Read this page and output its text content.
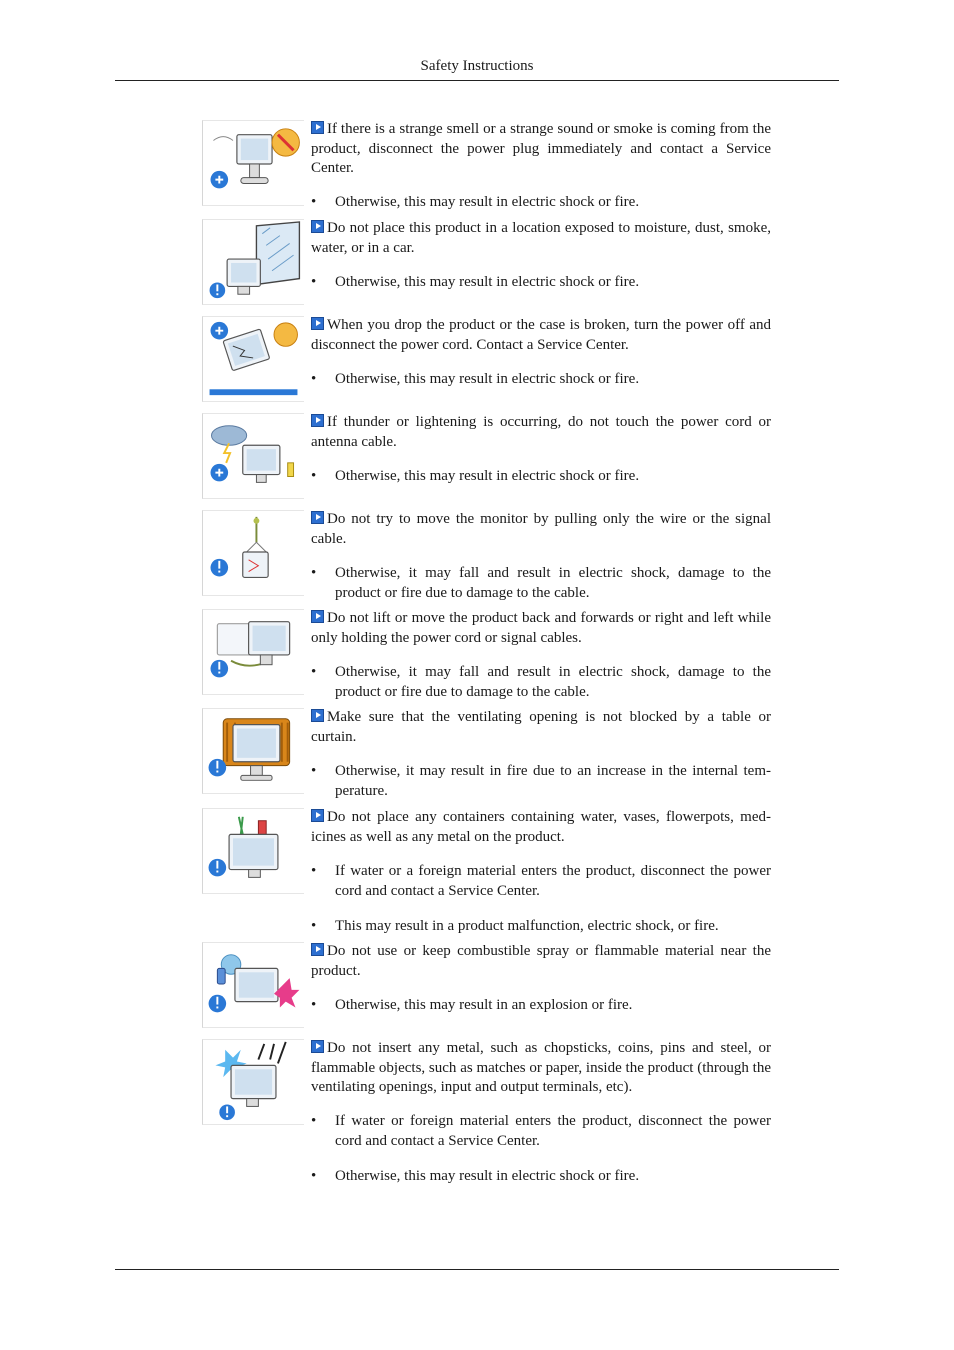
Safety Instructions

If there is a strange smell or a strange sound or smoke is coming from the product, disconnect the power plug immediately and contact a Service Center.

• Otherwise, this may result in electric shock or fire.

Do not place this product in a location exposed to moisture, dust, smoke, water, or in a car.

• Otherwise, this may result in electric shock or fire.

When you drop the product or the case is broken, turn the power off and disconnect the power cord. Contact a Service Center.

• Otherwise, this may result in electric shock or fire.

If thunder or lightening is occurring, do not touch the power cord or antenna cable.

• Otherwise, this may result in electric shock or fire.

Do not try to move the monitor by pulling only the wire or the signal cable.

• Otherwise, it may fall and result in electric shock, damage to the product or fire due to damage to the cable.

Do not lift or move the product back and forwards or right and left while only holding the power cord or signal cables.

• Otherwise, it may fall and result in electric shock, damage to the product or fire due to damage to the cable.

Make sure that the ventilating opening is not blocked by a table or curtain.

• Otherwise, it may result in fire due to an increase in the internal tem-perature.

Do not place any containers containing water, vases, flowerpots, med-icines as well as any metal on the product.

• If water or a foreign material enters the product, disconnect the power cord and contact a Service Center.
• This may result in a product malfunction, electric shock, or fire.

Do not use or keep combustible spray or flammable material near the product.

• Otherwise, this may result in an explosion or fire.

Do not insert any metal, such as chopsticks, coins, pins and steel, or flammable objects, such as matches or paper, inside the product (through the ventilating openings, input and output terminals, etc).

• If water or foreign material enters the product, disconnect the power cord and contact a Service Center.
• Otherwise, this may result in electric shock or fire.
